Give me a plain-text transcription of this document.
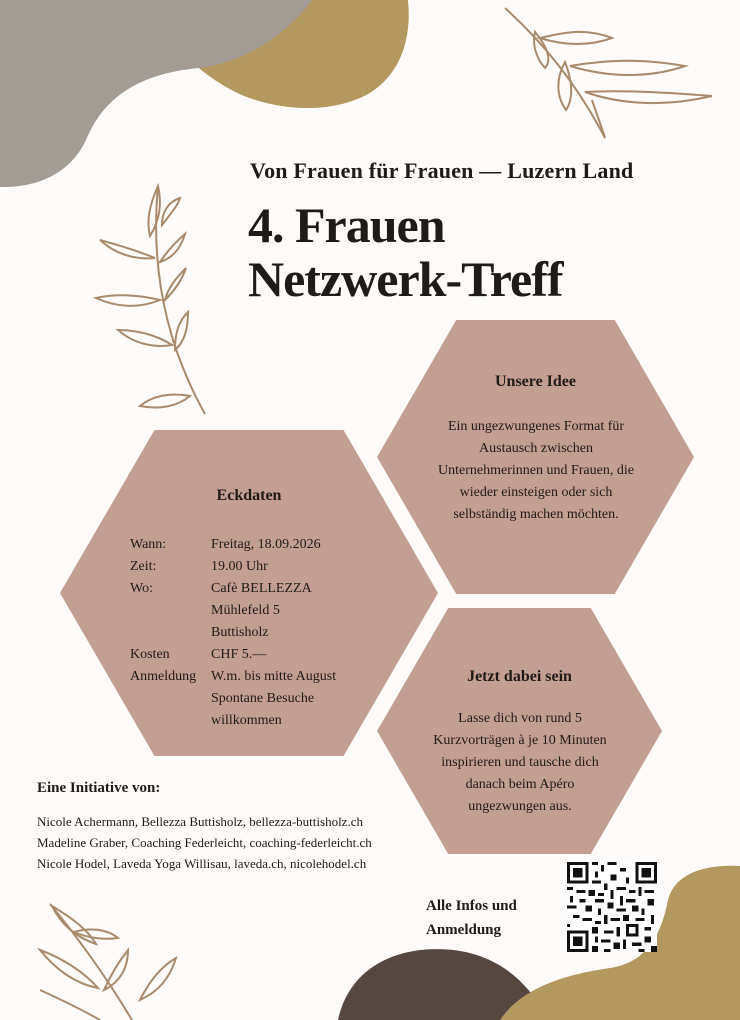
Von Frauen für Frauen — Luzern Land
4. Frauen
Netzwerk-Treff
Unsere Idee
Ein ungezwungenes Format für
Austausch zwischen
Unternehmerinnen und Frauen, die
wieder einsteigen oder sich
selbständig machen möchten.
Eckdaten
Wann:	Freitag, 18.09.2026
Zeit:	19.00 Uhr
Wo:	Cafè BELLEZZA
Mühlefeld 5
Buttisholz
Kosten	CHF 5.—
Anmeldung	W.m. bis mitte August
Spontane Besuche
willkommen
Jetzt dabei sein
Lasse dich von rund 5
Kurzvorträgen à je 10 Minuten
inspirieren und tausche dich
danach beim Apéro
ungezwungen aus.
Eine Initiative von:
Nicole Achermann, Bellezza Buttisholz, bellezza-buttisholz.ch
Madeline Graber, Coaching Federleicht, coaching-federleicht.ch
Nicole Hodel, Laveda Yoga Willisau, laveda.ch, nicolehodel.ch
Alle Infos und
Anmeldung
